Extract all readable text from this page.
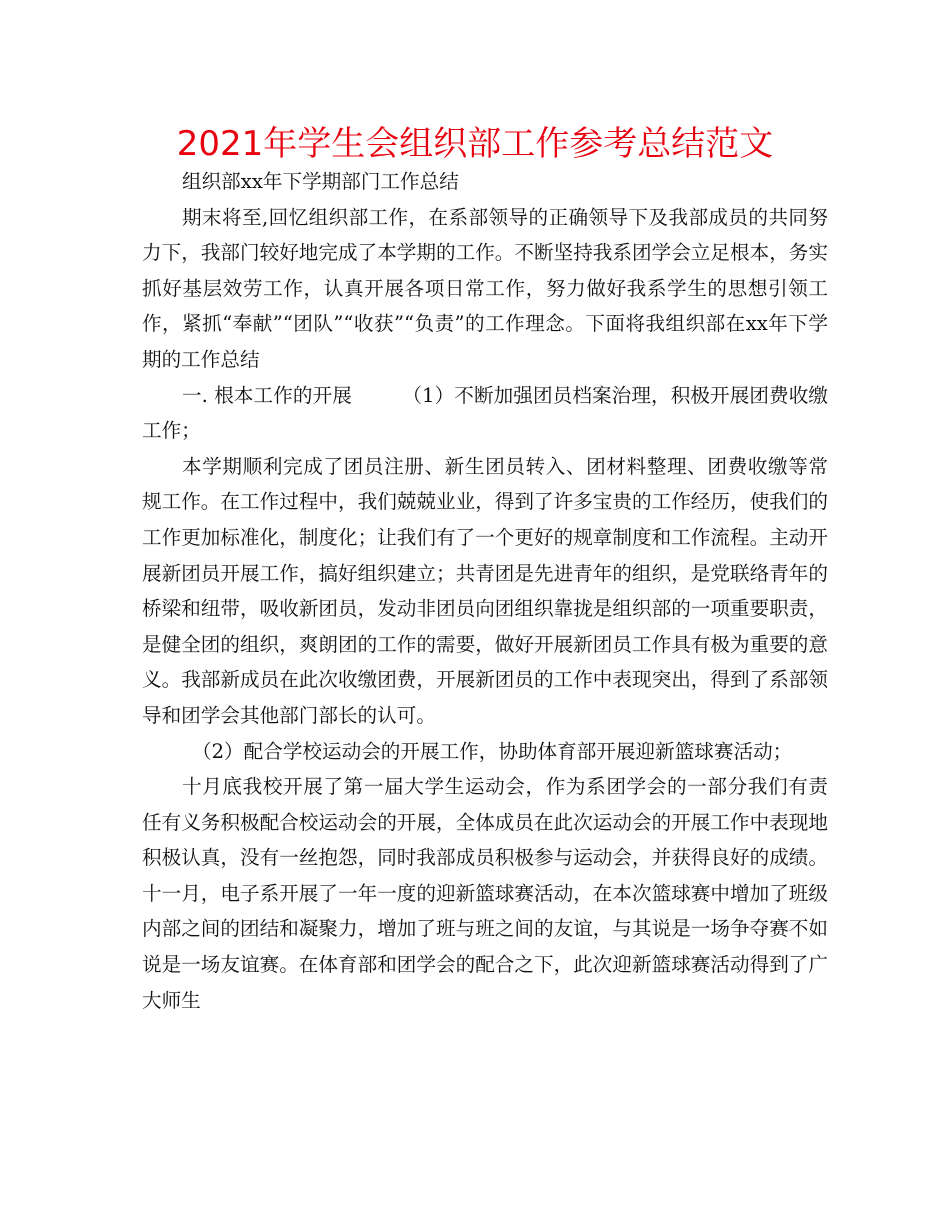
2021年学生会组织部工作参考总结范文

组织部xx年下学期部门工作总结

期末将至,回忆组织部工作，在系部领导的正确领导下及我部成员的共同努力下，我部门较好地完成了本学期的工作。不断坚持我系团学会立足根本，务实抓好基层效劳工作，认真开展各项日常工作，努力做好我系学生的思想引领工作，紧抓“奉献”“团队”“收获”“负责”的工作理念。下面将我组织部在xx年下学期的工作总结

一. 根本工作的开展        （1）不断加强团员档案治理，积极开展团费收缴工作；

本学期顺利完成了团员注册、新生团员转入、团材料整理、团费收缴等常规工作。在工作过程中，我们兢兢业业，得到了许多宝贵的工作经历，使我们的工作更加标准化，制度化；让我们有了一个更好的规章制度和工作流程。主动开展新团员开展工作，搞好组织建立；共青团是先进青年的组织，是党联络青年的桥梁和纽带，吸收新团员，发动非团员向团组织靠拢是组织部的一项重要职责，是健全团的组织，爽朗团的工作的需要，做好开展新团员工作具有极为重要的意义。我部新成员在此次收缴团费，开展新团员的工作中表现突出，得到了系部领导和团学会其他部门部长的认可。

（2）配合学校运动会的开展工作，协助体育部开展迎新篮球赛活动；

十月底我校开展了第一届大学生运动会，作为系团学会的一部分我们有责任有义务积极配合校运动会的开展，全体成员在此次运动会的开展工作中表现地积极认真，没有一丝抱怨，同时我部成员积极参与运动会，并获得良好的成绩。十一月，电子系开展了一年一度的迎新篮球赛活动，在本次篮球赛中增加了班级内部之间的团结和凝聚力，增加了班与班之间的友谊，与其说是一场争夺赛不如说是一场友谊赛。在体育部和团学会的配合之下，此次迎新篮球赛活动得到了广大师生
